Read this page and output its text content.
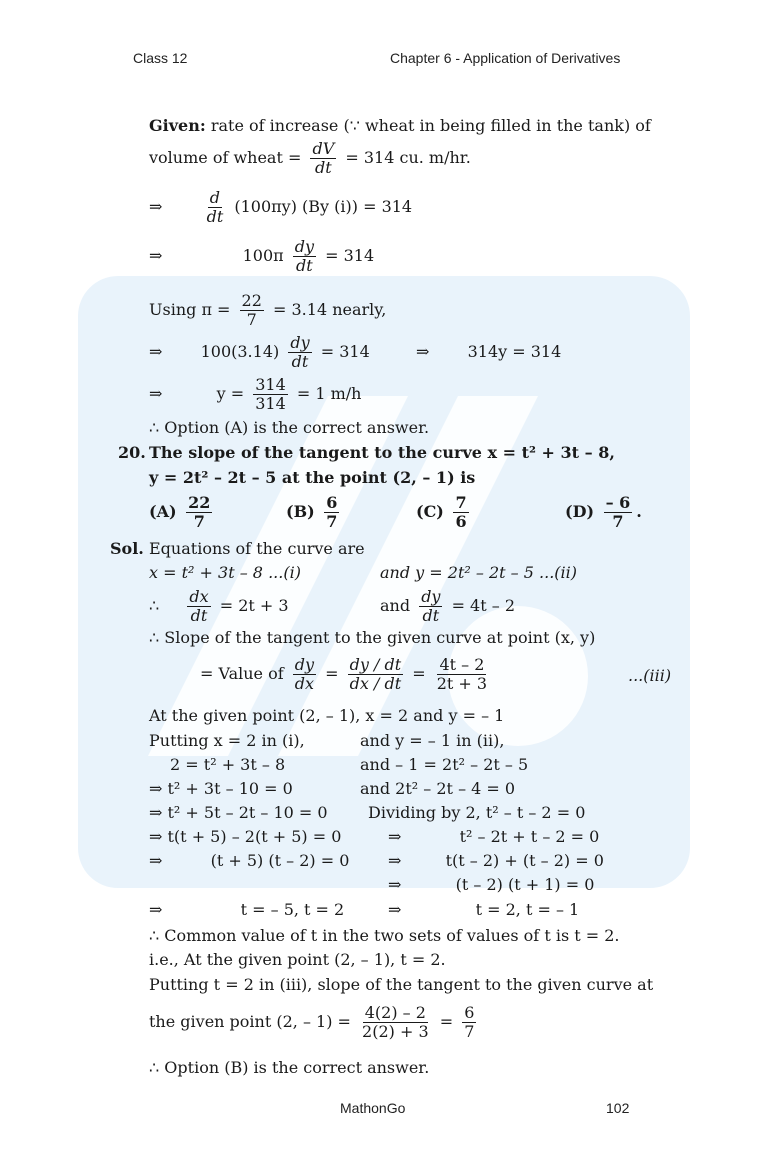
Class 12	Chapter 6 - Application of Derivatives
MathonGo	102
Given: rate of increase (∵ wheat in being filled in the tank) of
volume of wheat = $\frac{dV}{dt} = 314$ cu. m/hr.
⇒	$\frac{d}{dt} (100\pi y)$ (By (i)) = 314
⇒	$100\pi \frac{dy}{dt} = 314$
Using $\pi = \frac{22}{7} = 3.14$ nearly,
⇒ $100(3.14) \frac{dy}{dt} = 314$	⇒ 314y = 314
⇒	$y = \frac{314}{314} = 1$ m/h
∴ Option (A) is the correct answer.
20. The slope of the tangent to the curve x = t² + 3t – 8,
y = 2t² – 2t – 5 at the point (2, – 1) is
$(A) \frac{22}{7}$	$(B) \frac{6}{7}$	$(C) \frac{7}{6}$	$(D) \frac{- 6}{7}$ .
Sol. Equations of the curve are
x = t² + 3t – 8 ...(i)	and y = 2t² – 2t – 5 ...(ii)
∴ $\frac{dx}{dt} = 2t + 3$	and $\frac{dy}{dt} = 4t - 2$
∴ Slope of the tangent to the given curve at point (x, y)
= Value of $\frac{dy}{dx} = \frac{dy / dt}{dx / dt} = \frac{4t - 2}{2t + 3}$	...(iii)
At the given point (2, – 1), x = 2 and y = – 1
Putting x = 2 in (i),	and y = – 1 in (ii),
2 = t² + 3t – 8	and – 1 = 2t² – 2t – 5
⇒ t² + 3t – 10 = 0	and 2t² – 2t – 4 = 0
⇒ t² + 5t – 2t – 10 = 0	Dividing by 2, t² – t – 2 = 0
⇒ t(t + 5) – 2(t + 5) = 0	⇒	t² – 2t + t – 2 = 0
⇒	(t + 5) (t – 2) = 0 ⇒	t(t – 2) + (t – 2) = 0
⇒	(t – 2) (t + 1) = 0
⇒	t = – 5, t = 2	⇒	t = 2, t = – 1
∴ Common value of t in the two sets of values of t is t = 2.
i.e., At the given point (2, – 1), t = 2.
Putting t = 2 in (iii), slope of the tangent to the given curve at
the given point (2, – $1) = \frac{4(2) - 2}{2(2) + 3} = \frac{6}{7}$
∴ Option (B) is the correct answer.
